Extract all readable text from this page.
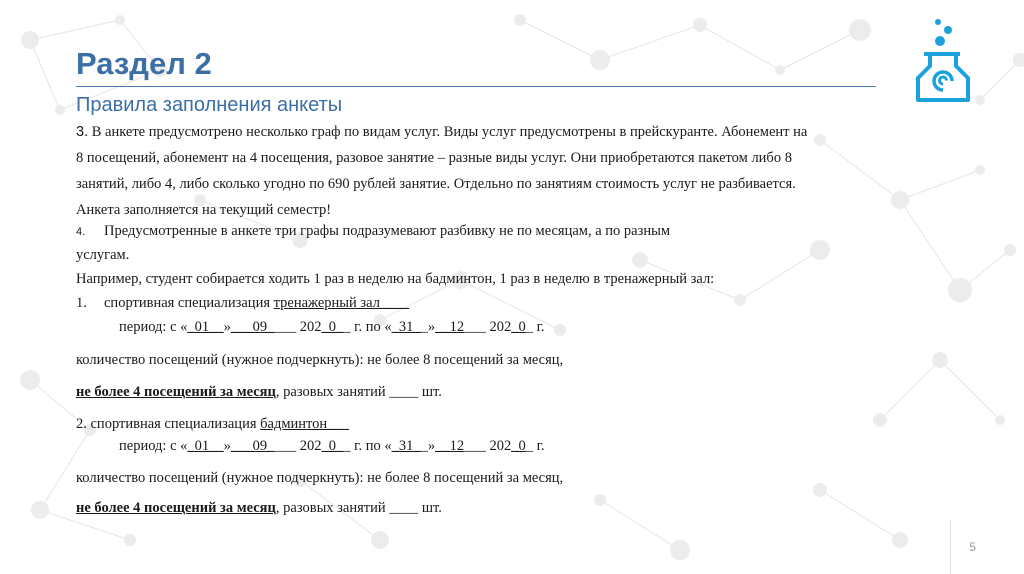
Раздел 2
Правила заполнения анкеты
3. В анкете предусмотрено несколько граф по видам услуг. Виды услуг предусмотрены в прейскуранте. Абонемент на
8 посещений, абонемент на 4 посещения, разовое занятие – разные виды услуг. Они приобретаются пакетом либо 8
занятий, либо 4, либо сколько угодно по 690 рублей занятие. Отдельно по занятиям стоимость услуг не разбивается.
Анкета заполняется на текущий семестр!
4. Предусмотренные в анкете три графы подразумевают разбивку не по месяцам, а по разным
услугам.
Например, студент собирается ходить 1 раз в неделю на бадминтон, 1 раз в неделю в тренажерный зал:
1. спортивная специализация тренажерный зал____
период: с «_01__»___09____ 202_0__ г. по «_31__»__12___ 202_0_ г.
количество посещений (нужное подчеркнуть): не более 8 посещений за месяц,
не более 4 посещений за месяц, разовых занятий ____ шт.
2. спортивная специализация бадминтон___
период: с «_01__»___09____ 202_0__ г. по «_31__»__12___ 202_0_ г.
количество посещений (нужное подчеркнуть): не более 8 посещений за месяц,
не более 4 посещений за месяц, разовых занятий ____ шт.
5
